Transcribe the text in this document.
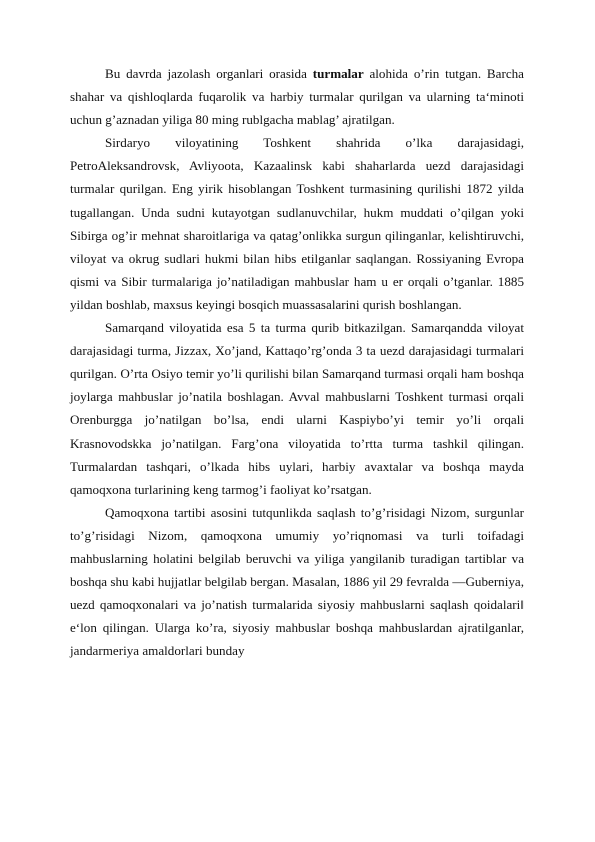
Bu davrda jazolash organlari orasida turmalar alohida o’rin tutgan. Barcha shahar va qishloqlarda fuqarolik va harbiy turmalar qurilgan va ularning ta‘minoti uchun g’aznadan yiliga 80 ming rublgacha mablag’ ajratilgan.

Sirdaryo viloyatining Toshkent shahrida o’lka darajasidagi, PetroAleksandrovsk, Avliyoota, Kazaalinsk kabi shaharlarda uezd darajasidagi turmalar qurilgan. Eng yirik hisoblangan Toshkent turmasining qurilishi 1872 yilda tugallangan. Unda sudni kutayotgan sudlanuvchilar, hukm muddati o’qilgan yoki Sibirga og’ir mehnat sharoitlariga va qatag’onlikka surgun qilinganlar, kelishtiruvchi, viloyat va okrug sudlari hukmi bilan hibs etilganlar saqlangan. Rossiyaning Evropa qismi va Sibir turmalariga jo’natiladigan mahbuslar ham u er orqali o’tganlar. 1885 yildan boshlab, maxsus keyingi bosqich muassasalarini qurish boshlangan.

Samarqand viloyatida esa 5 ta turma qurib bitkazilgan. Samarqandda viloyat darajasidagi turma, Jizzax, Xo’jand, Kattaqo’rg’onda 3 ta uezd darajasidagi turmalari qurilgan. O’rta Osiyo temir yo’li qurilishi bilan Samarqand turmasi orqali ham boshqa joylarga mahbuslar jo’natila boshlagan. Avval mahbuslarni Toshkent turmasi orqali Orenburgga jo’natilgan bo’lsa, endi ularni Kaspiybo’yi temir yo’li orqali Krasnovodskka jo’natilgan. Farg’ona viloyatida to’rtta turma tashkil qilingan. Turmalardan tashqari, o’lkada hibs uylari, harbiy avaxtalar va boshqa mayda qamoqxona turlarining keng tarmog’i faoliyat ko’rsatgan.

Qamoqxona tartibi asosini tutqunlikda saqlash to’g’risidagi Nizom, surgunlar to’g’risidagi Nizom, qamoqxona umumiy yo’riqnomasi va turli toifadagi mahbuslarning holatini belgilab beruvchi va yiliga yangilanib turadigan tartiblar va boshqa shu kabi hujjatlar belgilab bergan. Masalan, 1886 yil 29 fevralda ―Guberniya, uezd qamoqxonalari va jo’natish turmalarida siyosiy mahbuslarni saqlash qoidalari‖ e‘lon qilingan. Ularga ko’ra, siyosiy mahbuslar boshqa mahbuslardan ajratilganlar, jandarmeriya amaldorlari bunday
